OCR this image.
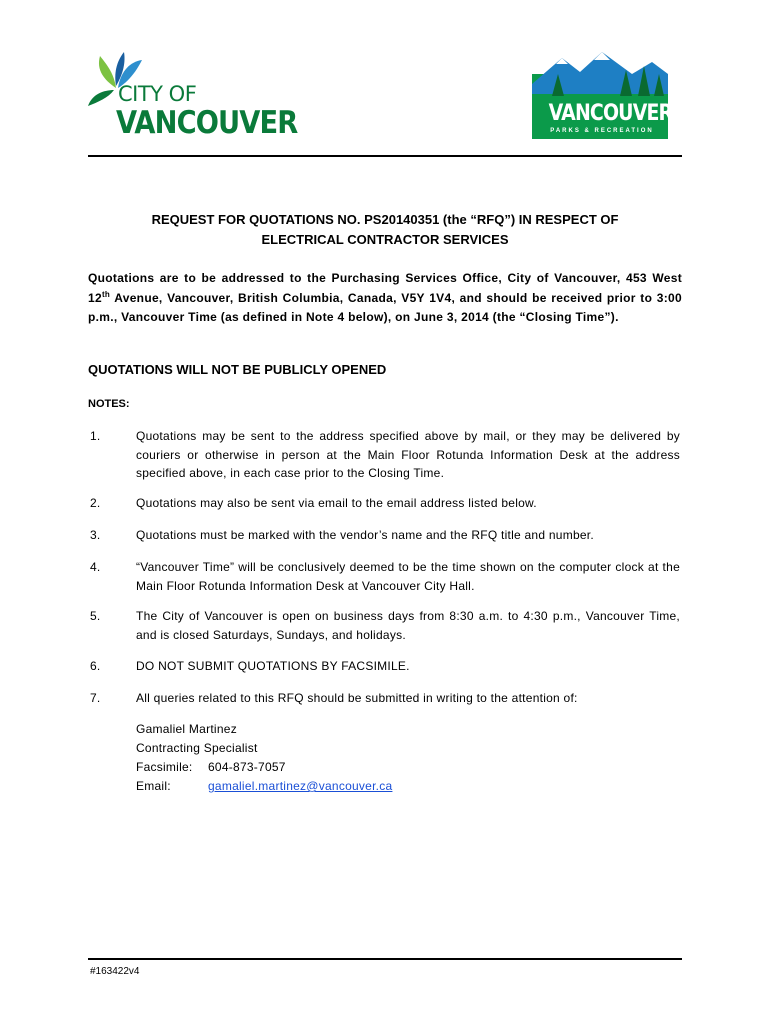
CITY OF
VANCOUVER	VANCOUVER
PARKS & RECREATION
REQUEST FOR QUOTATIONS NO. PS20140351 (the “RFQ”) IN RESPECT OF
ELECTRICAL CONTRACTOR SERVICES
Quotations are to be addressed to the Purchasing Services Office, City of Vancouver, 453 West 12th Avenue, Vancouver, British Columbia, Canada, V5Y 1V4, and should be received prior to 3:00 p.m., Vancouver Time (as defined in Note 4 below), on June 3, 2014 (the “Closing Time”).
QUOTATIONS WILL NOT BE PUBLICLY OPENED
NOTES:
1.	Quotations may be sent to the address specified above by mail, or they may be delivered by couriers or otherwise in person at the Main Floor Rotunda Information Desk at the address specified above, in each case prior to the Closing Time.
2.	Quotations may also be sent via email to the email address listed below.
3.	Quotations must be marked with the vendor’s name and the RFQ title and number.
4.	“Vancouver Time” will be conclusively deemed to be the time shown on the computer clock at the Main Floor Rotunda Information Desk at Vancouver City Hall.
5.	The City of Vancouver is open on business days from 8:30 a.m. to 4:30 p.m., Vancouver Time, and is closed Saturdays, Sundays, and holidays.
6.	DO NOT SUBMIT QUOTATIONS BY FACSIMILE.
7.	All queries related to this RFQ should be submitted in writing to the attention of:
Gamaliel Martinez
Contracting Specialist
Facsimile:	604-873-7057
Email:	gamaliel.martinez@vancouver.ca
#163422v4
